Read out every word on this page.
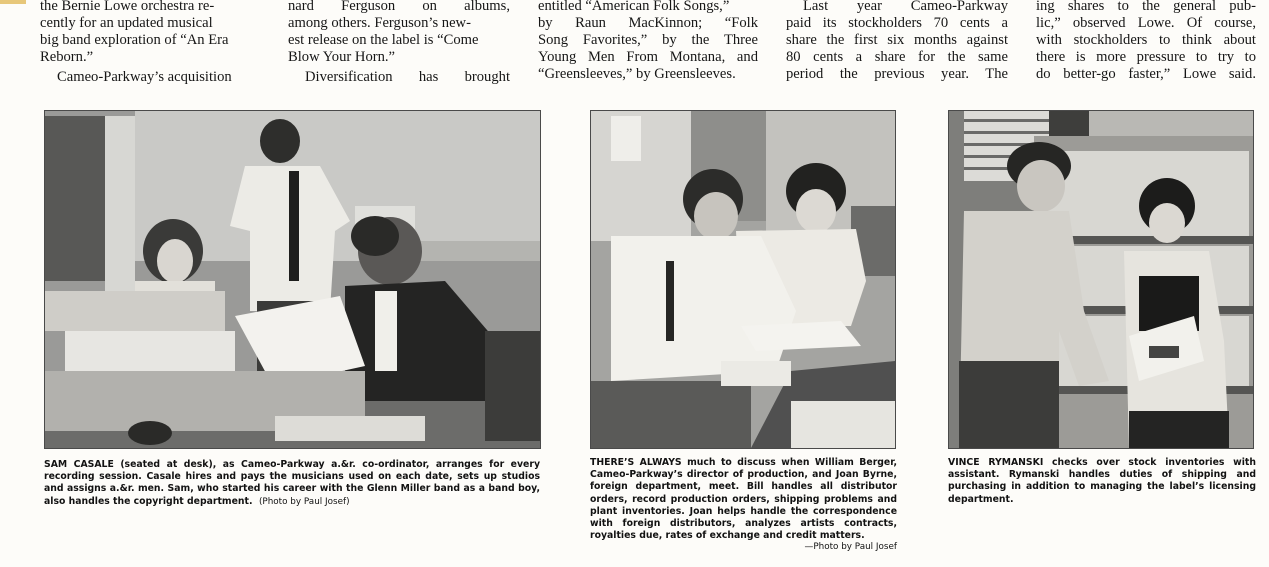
the Bernie Lowe orchestra re-

cently for an updated musical

big band exploration of “An Era

Reborn.”

Cameo-Parkway’s acquisition

nard Ferguson on albums,

among others. Ferguson’s new-

est release on the label is “Come

Blow Your Horn.”

Diversification has brought

entitled “American Folk Songs,”

by Raun MacKinnon; “Folk

Song Favorites,” by the Three

Young Men From Montana, and

“Greensleeves,” by Greensleeves.

Last year Cameo-Parkway

paid its stockholders 70 cents a

share the first six months against

80 cents a share for the same

period the previous year. The

ing shares to the general pub-

lic,” observed Lowe. Of course,

with stockholders to think about

there is more pressure to try to

do better-go faster,” Lowe said.

SAM CASALE (seated at desk), as Cameo-Parkway a.&r. co-ordinator, arranges for every recording session. Casale hires and pays the musicians used on each date, sets up studios and assigns a.&r. men. Sam, who started his career with the Glenn Miller band as a band boy, also handles the copyright department. (Photo by Paul Josef)

THERE’S ALWAYS much to discuss when William Berger, Cameo-Parkway’s director of production, and Joan Byrne, foreign department, meet. Bill handles all distributor orders, record production orders, shipping problems and plant inventories. Joan helps handle the correspondence with foreign distributors, analyzes artists contracts, royalties due, rates of exchange and credit matters.
—Photo by Paul Josef

VINCE RYMANSKI checks over stock inventories with assistant. Rymanski handles duties of shipping and purchasing in addition to managing the label’s licensing department.
